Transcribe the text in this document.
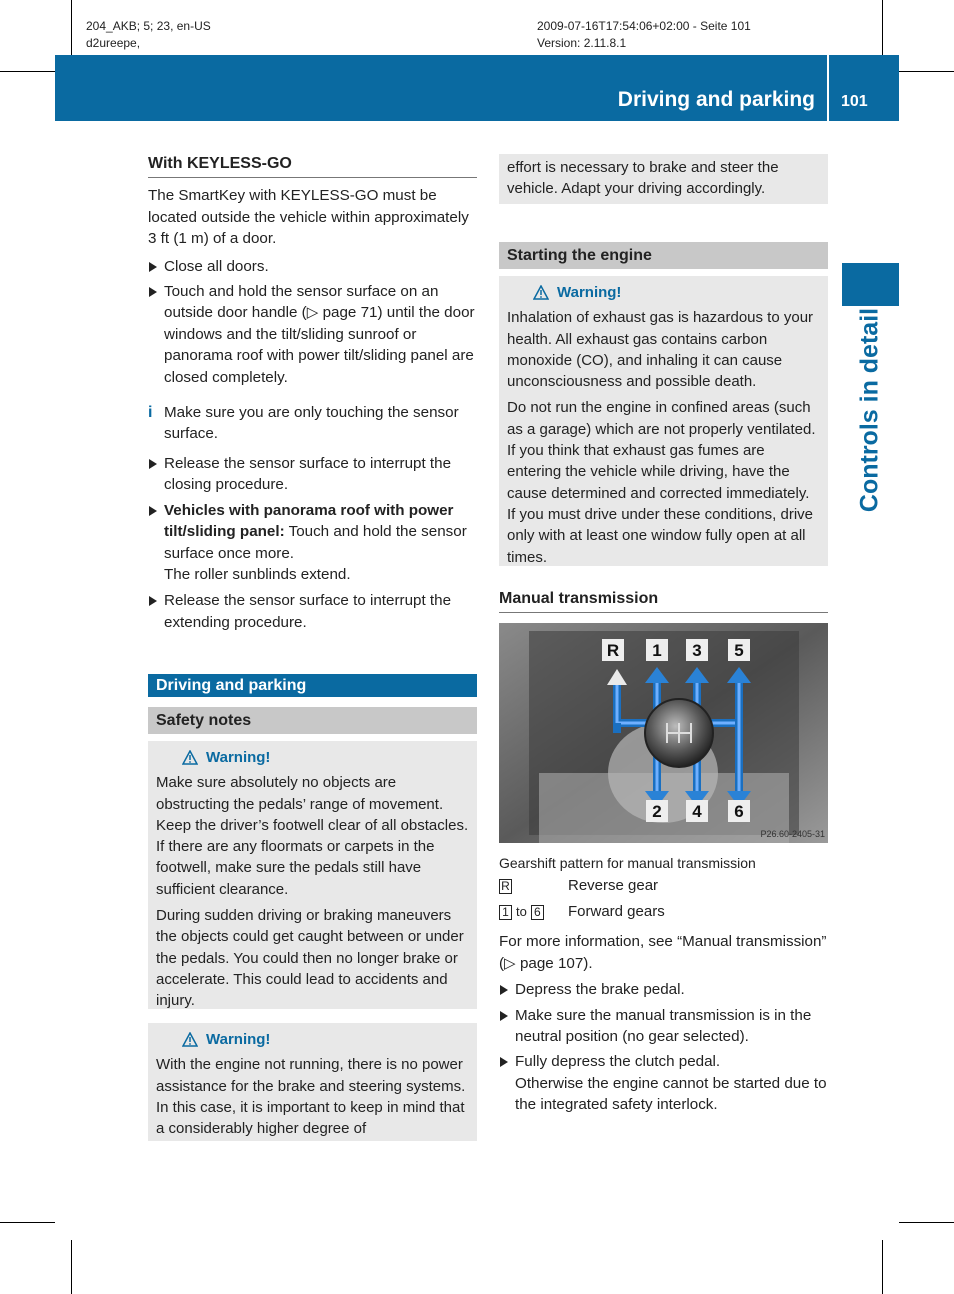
204_AKB; 5; 23, en-US
d2ureepe,
2009-07-16T17:54:06+02:00 - Seite 101
Version: 2.11.8.1
Driving and parking 101
Controls in detail
With KEYLESS-GO

The SmartKey with KEYLESS-GO must be located outside the vehicle within approximately 3 ft (1 m) of a door.

Close all doors.

Touch and hold the sensor surface on an outside door handle (▷ page 71) until the door windows and the tilt/sliding sunroof or panorama roof with power tilt/sliding panel are closed completely.

i Make sure you are only touching the sensor surface.

Release the sensor surface to interrupt the closing procedure.

Vehicles with panorama roof with power tilt/sliding panel: Touch and hold the sensor surface once more.
The roller sunblinds extend.

Release the sensor surface to interrupt the extending procedure.

Driving and parking
Safety notes
Warning!

Make sure absolutely no objects are obstructing the pedals’ range of movement. Keep the driver’s footwell clear of all obstacles. If there are any floormats or carpets in the footwell, make sure the pedals still have sufficient clearance.

During sudden driving or braking maneuvers the objects could get caught between or under the pedals. You could then no longer brake or accelerate. This could lead to accidents and injury.

Warning!

With the engine not running, there is no power assistance for the brake and steering systems. In this case, it is important to keep in mind that a considerably higher degree of

effort is necessary to brake and steer the vehicle. Adapt your driving accordingly.

Starting the engine
Warning!

Inhalation of exhaust gas is hazardous to your health. All exhaust gas contains carbon monoxide (CO), and inhaling it can cause unconsciousness and possible death.

Do not run the engine in confined areas (such as a garage) which are not properly ventilated. If you think that exhaust gas fumes are entering the vehicle while driving, have the cause determined and corrected immediately. If you must drive under these conditions, drive only with at least one window fully open at all times.

Manual transmission
R 1 3 5
2 4 6
P26.60-2405-31
Gearshift pattern for manual transmission
R	Reverse gear
1 to 6	Forward gears

For more information, see “Manual transmission” (▷ page 107).

Depress the brake pedal.

Make sure the manual transmission is in the neutral position (no gear selected).

Fully depress the clutch pedal.
Otherwise the engine cannot be started due to the integrated safety interlock.
